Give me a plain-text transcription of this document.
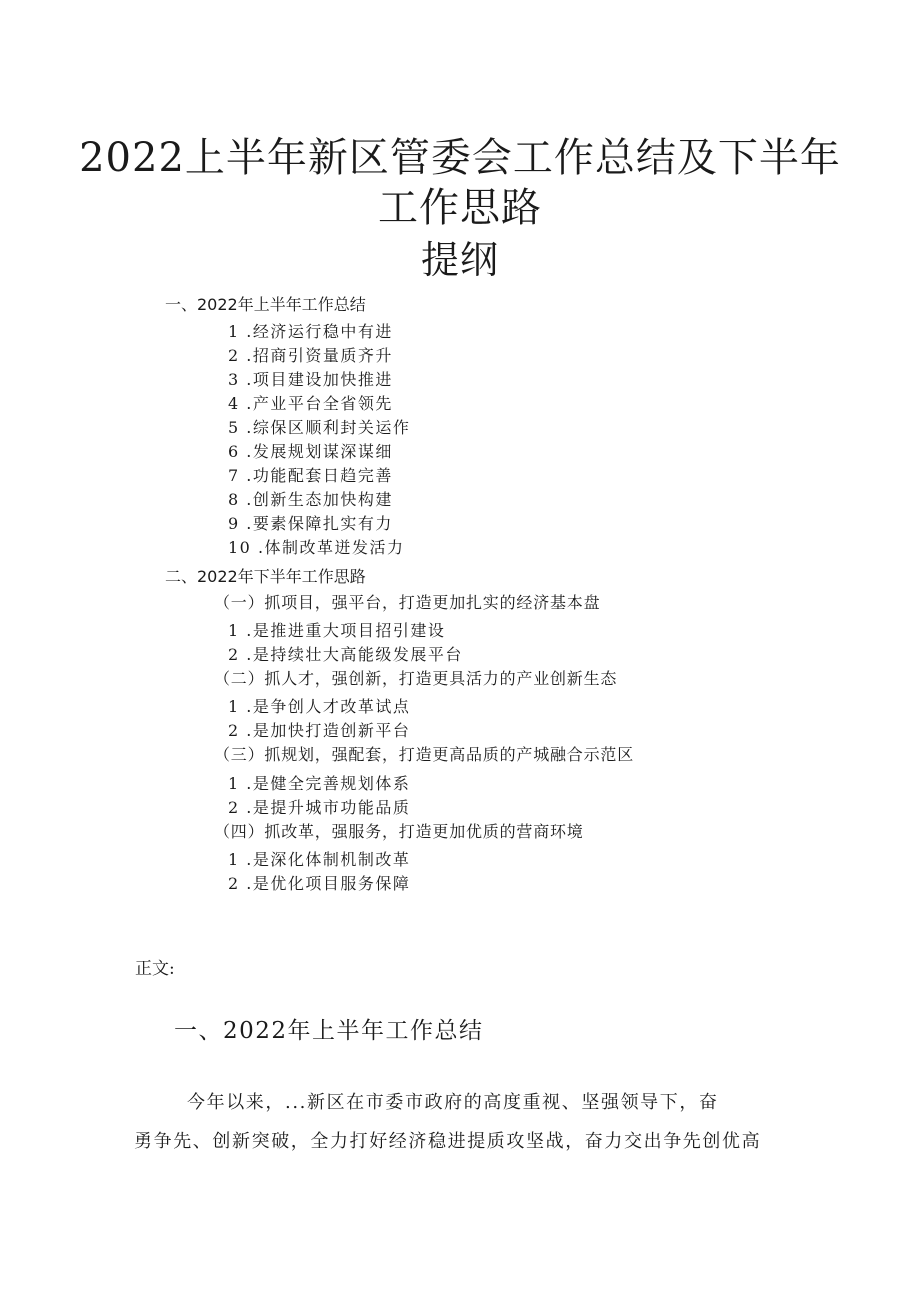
2022上半年新区管委会工作总结及下半年
工作思路
提纲
一、2022年上半年工作总结
1 .经济运行稳中有进
2 .招商引资量质齐升
3 .项目建设加快推进
4 .产业平台全省领先
5 .综保区顺利封关运作
6 .发展规划谋深谋细
7 .功能配套日趋完善
8 .创新生态加快构建
9 .要素保障扎实有力
10 .体制改革迸发活力
二、2022年下半年工作思路
（一）抓项目，强平台，打造更加扎实的经济基本盘
1 .是推进重大项目招引建设
2 .是持续壮大高能级发展平台
（二）抓人才，强创新，打造更具活力的产业创新生态
1 .是争创人才改革试点
2 .是加快打造创新平台
（三）抓规划，强配套，打造更高品质的产城融合示范区
1 .是健全完善规划体系
2 .是提升城市功能品质
（四）抓改革，强服务，打造更加优质的营商环境
1 .是深化体制机制改革
2 .是优化项目服务保障
正文:
一、2022年上半年工作总结
今年以来，...新区在市委市政府的高度重视、坚强领导下，奋
勇争先、创新突破，全力打好经济稳进提质攻坚战，奋力交出争先创优高
